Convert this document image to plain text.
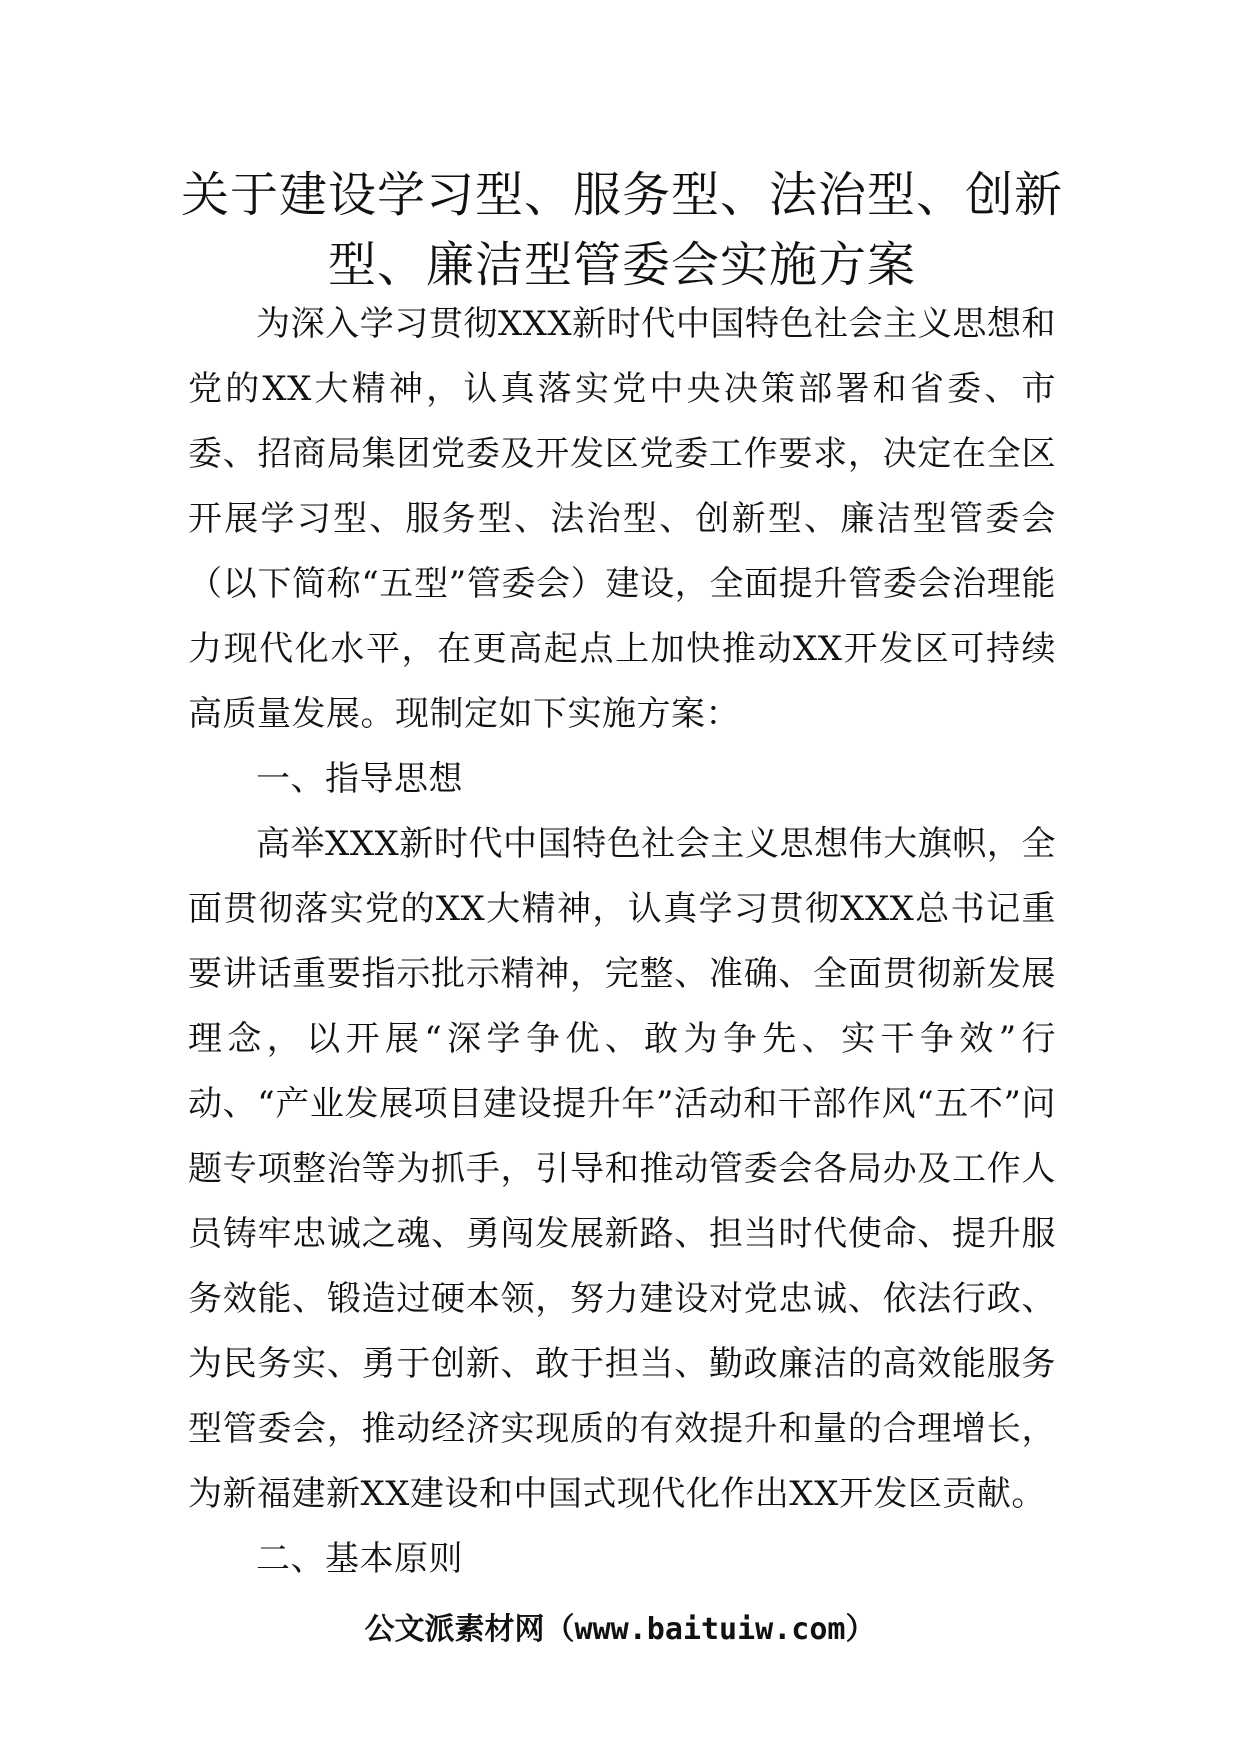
关于建设学习型、服务型、法治型、创新
型、廉洁型管委会实施方案

为深入学习贯彻XXX新时代中国特色社会主义思想和党的XX大精神，认真落实党中央决策部署和省委、市委、招商局集团党委及开发区党委工作要求，决定在全区开展学习型、服务型、法治型、创新型、廉洁型管委会（以下简称“五型”管委会）建设，全面提升管委会治理能力现代化水平，在更高起点上加快推动XX开发区可持续高质量发展。现制定如下实施方案：

一、指导思想

高举XXX新时代中国特色社会主义思想伟大旗帜，全面贯彻落实党的XX大精神，认真学习贯彻XXX总书记重要讲话重要指示批示精神，完整、准确、全面贯彻新发展理念，以开展“深学争优、敢为争先、实干争效”行动、“产业发展项目建设提升年”活动和干部作风“五不”问题专项整治等为抓手，引导和推动管委会各局办及工作人员铸牢忠诚之魂、勇闯发展新路、担当时代使命、提升服务效能、锻造过硬本领，努力建设对党忠诚、依法行政、为民务实、勇于创新、敢于担当、勤政廉洁的高效能服务型管委会，推动经济实现质的有效提升和量的合理增长，为新福建新XX建设和中国式现代化作出XX开发区贡献。

二、基本原则

公文派素材网（www.baituiw.com）
